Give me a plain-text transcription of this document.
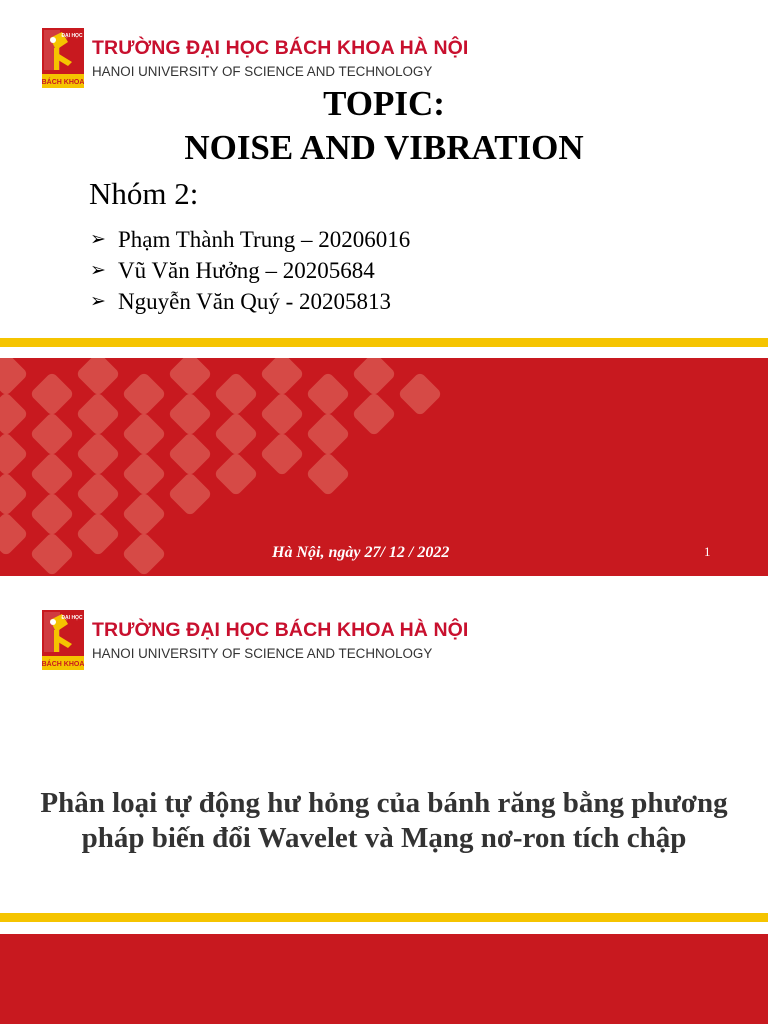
ĐẠI HỌC
BÁCH KHOA
TRƯỜNG ĐẠI HỌC BÁCH KHOA HÀ NỘI
HANOI UNIVERSITY OF SCIENCE AND TECHNOLOGY
TOPIC:
NOISE AND VIBRATION
Nhóm 2:
➢ Phạm Thành Trung – 20206016
➢ Vũ Văn Hưởng – 20205684
➢ Nguyễn Văn Quý - 20205813
Hà Nội, ngày 27/ 12 / 2022	1
ĐẠI HỌC
BÁCH KHOA
TRƯỜNG ĐẠI HỌC BÁCH KHOA HÀ NỘI
HANOI UNIVERSITY OF SCIENCE AND TECHNOLOGY
Phân loại tự động hư hỏng của bánh răng bằng phương pháp biến đổi Wavelet và Mạng nơ-ron tích chập
